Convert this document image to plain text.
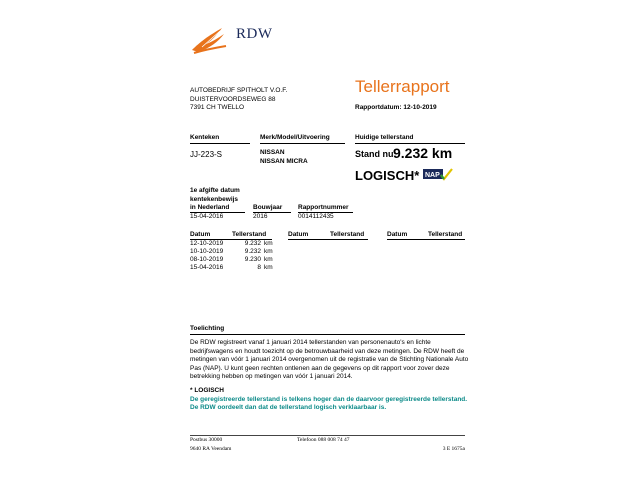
RDW
AUTOBEDRIJF SPITHOLT V.O.F.
DUISTERVOORDSEWEG 88
7391 CH TWELLO
Tellerrapport
Rapportdatum: 12-10-2019
Kenteken	Merk/Model/Uitvoering	Huidige tellerstand
JJ-223-S	NISSAN
NISSAN MICRA
Stand nu 9.232 km
LOGISCH* NAP
1e afgifte datum
kentekenbewijs
in Nederland	Bouwjaar Rapportnummer
15-04-2016	2016	0014112435
Datum	Tellerstand	Datum	Tellerstand	Datum	Tellerstand
12-10-2019	9.232 km
10-10-2019	9.232 km
08-10-2019	9.230 km
15-04-2016	8 km
Toelichting
De RDW registreert vanaf 1 januari 2014 tellerstanden van personenauto's en lichte bedrijfswagens en houdt toezicht op de betrouwbaarheid van deze metingen. De RDW heeft de metingen van vóór 1 januari 2014 overgenomen uit de registratie van de Stichting Nationale Auto Pas (NAP). U kunt geen rechten ontlenen aan de gegevens op dit rapport voor zover deze betrekking hebben op metingen van vóór 1 januari 2014.
* LOGISCH
De geregistreerde tellerstand is telkens hoger dan de daarvoor geregistreerde tellerstand. De RDW oordeelt dan dat de tellerstand logisch verklaarbaar is.
Postbus 30000
9640 RA Veendam
Telefoon 088 008 74 47
3 E 1675a
